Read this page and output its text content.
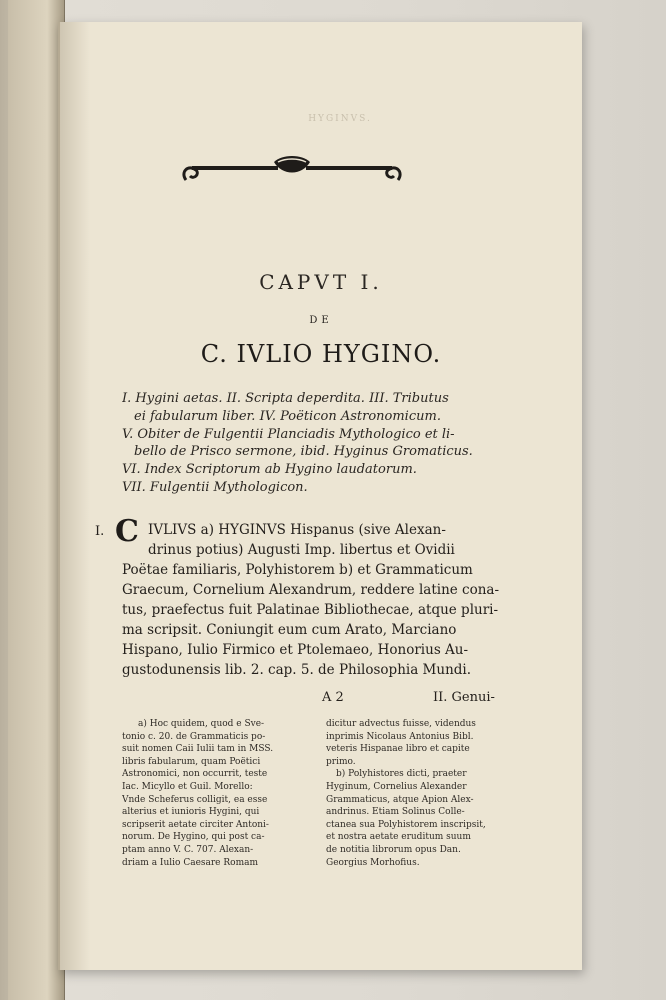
HYGINVS.
CAPVT I.
DE
C. IVLIO HYGINO.
I. Hygini aetas. II. Scripta deperdita. III. Tributus
ei fabularum liber. IV. Poëticon Astronomicum.
V. Obiter de Fulgentii Planciadis Mythologico et li-
bello de Prisco sermone, ibid. Hyginus Gromaticus.
VI. Index Scriptorum ab Hygino laudatorum.
VII. Fulgentii Mythologicon.
I. C IVLIVS a) HYGINVS Hispanus (sive Alexan-
drinus potius) Augusti Imp. libertus et Ovidii
Poëtae familiaris, Polyhistorem b) et Grammaticum
Graecum, Cornelium Alexandrum, reddere latine cona-
tus, praefectus fuit Palatinae Bibliothecae, atque pluri-
ma scripsit. Coniungit eum cum Arato, Marciano
Hispano, Iulio Firmico et Ptolemaeo, Honorius Au-
gustodunensis lib. 2. cap. 5. de Philosophia Mundi.
A 2	II. Genui-
a) Hoc quidem, quod e Sve-
tonio c. 20. de Grammaticis po-
suit nomen Caii Iulii tam in MSS.
libris fabularum, quam Poëtici
Astronomici, non occurrit, teste
Iac. Micyllo et Guil. Morello:
Vnde Scheferus colligit, ea esse
alterius et iunioris Hygini, qui
scripserit aetate circiter Antoni-
norum. De Hygino, qui post ca-
ptam anno V. C. 707. Alexan-
driam a Iulio Caesare Romam
dicitur advectus fuisse, videndus
inprimis Nicolaus Antonius Bibl.
veteris Hispanae libro et capite
primo.
b) Polyhistores dicti, praeter
Hyginum, Cornelius Alexander
Grammaticus, atque Apion Alex-
andrinus. Etiam Solinus Colle-
ctanea sua Polyhistorem inscripsit,
et nostra aetate eruditum suum
de notitia librorum opus Dan.
Georgius Morhofius.
